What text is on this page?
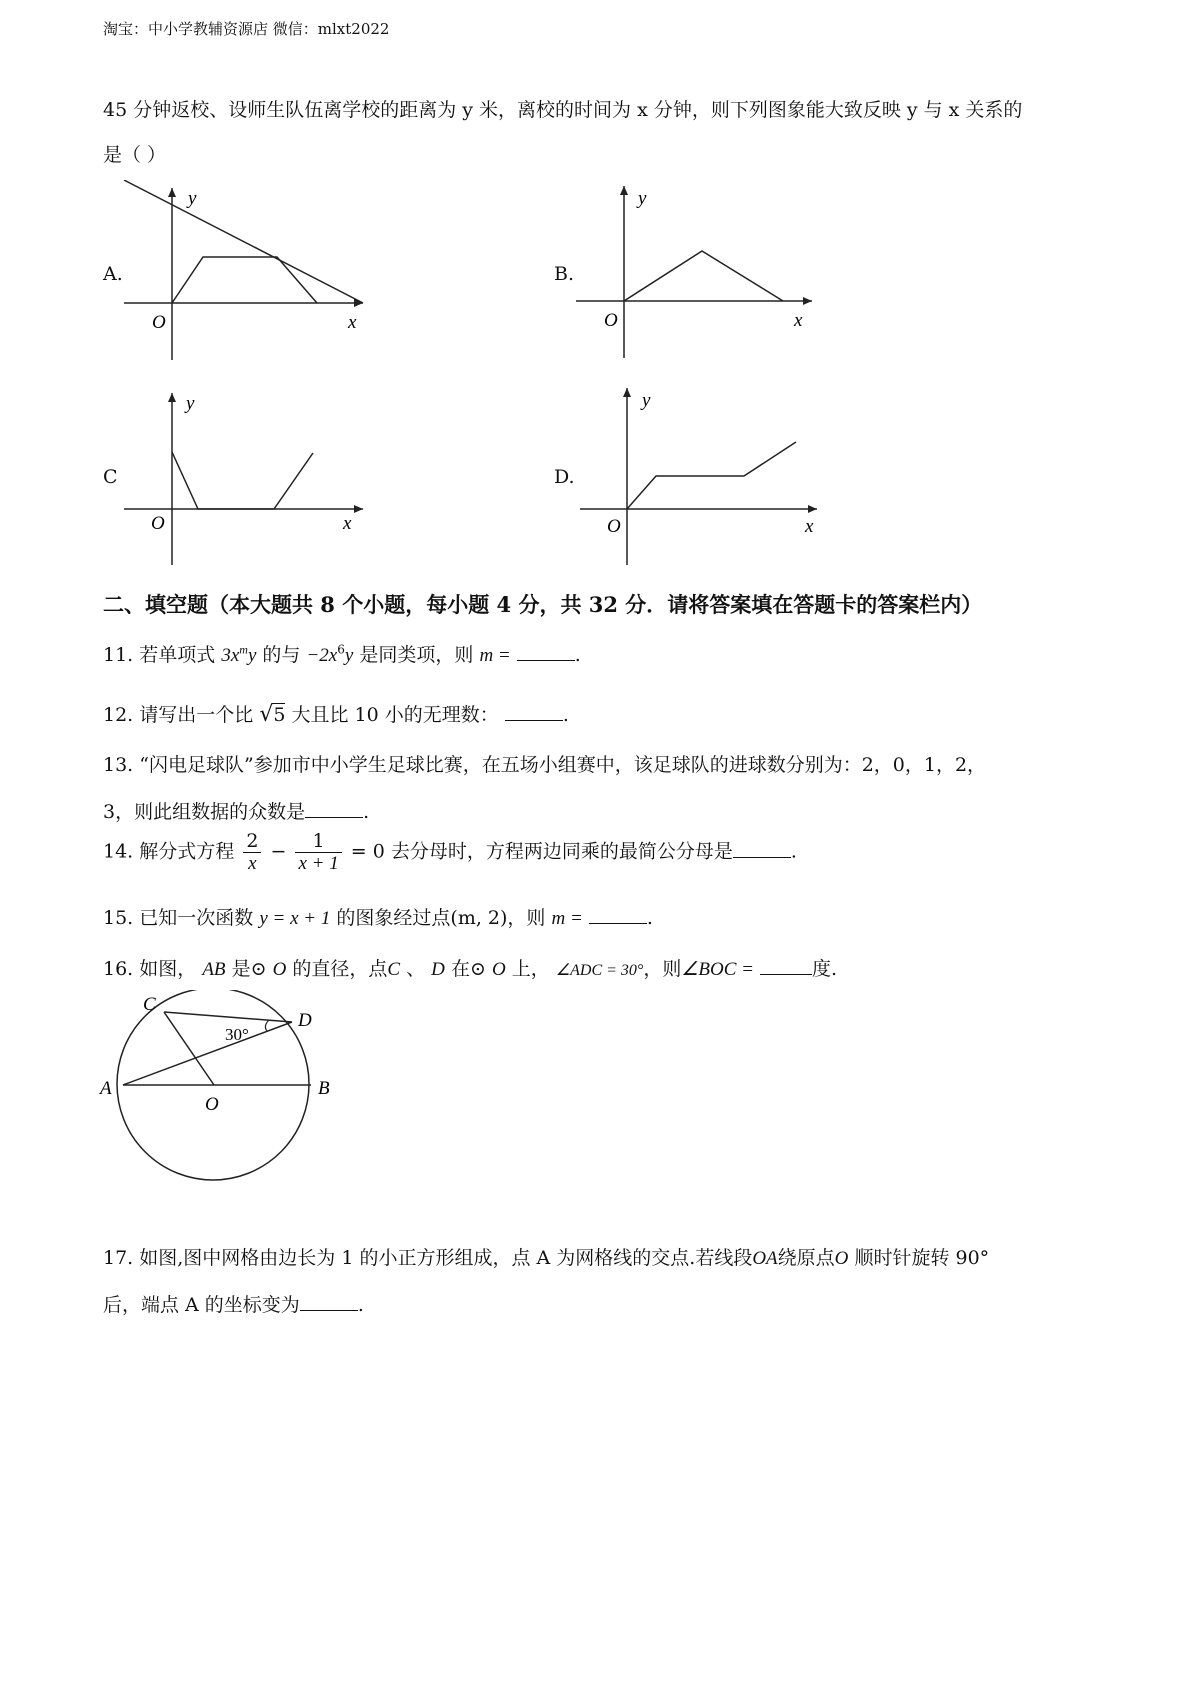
淘宝：中小学教辅资源店 微信：mlxt2022
45 分钟返校、设师生队伍离学校的距离为 y 米，离校的时间为 x 分钟，则下列图象能大致反映 y 与 x 关系的
是（ ）
A.
y
O	x
B.
y
O	x
C
y
O	x
D.
y
O	x
二、填空题（本大题共 8 个小题，每小题 4 分，共 32 分．请将答案填在答题卡的答案栏内）
11. 若单项式 $3x^my$ 的与 $-2x^6y$ 是同类项，则 m =	.
12. 请写出一个比 √5 大且比 10 小的无理数：	.
13. “闪电足球队”参加市中小学生足球比赛，在五场小组赛中，该足球队的进球数分别为：2，0，1，2，
3，则此组数据的众数是	.
14. 解分式方程 $\frac{2}{x} - \frac{1}{x + 1} = 0$ 去分母时，方程两边同乘的最简公分母是	.
15. 已知一次函数 y = x + 1 的图象经过点(m, 2)，则 m =	.
16. 如图， AB 是⊙ O 的直径，点C 、 D 在⊙ O 上， ∠ADC = 30°，则∠BOC =	度.
30°
C
D
A	B
O
17. 如图,图中网格由边长为 1 的小正方形组成，点 A 为网格线的交点.若线段OA绕原点O 顺时针旋转 90°
后，端点 A 的坐标变为	.
